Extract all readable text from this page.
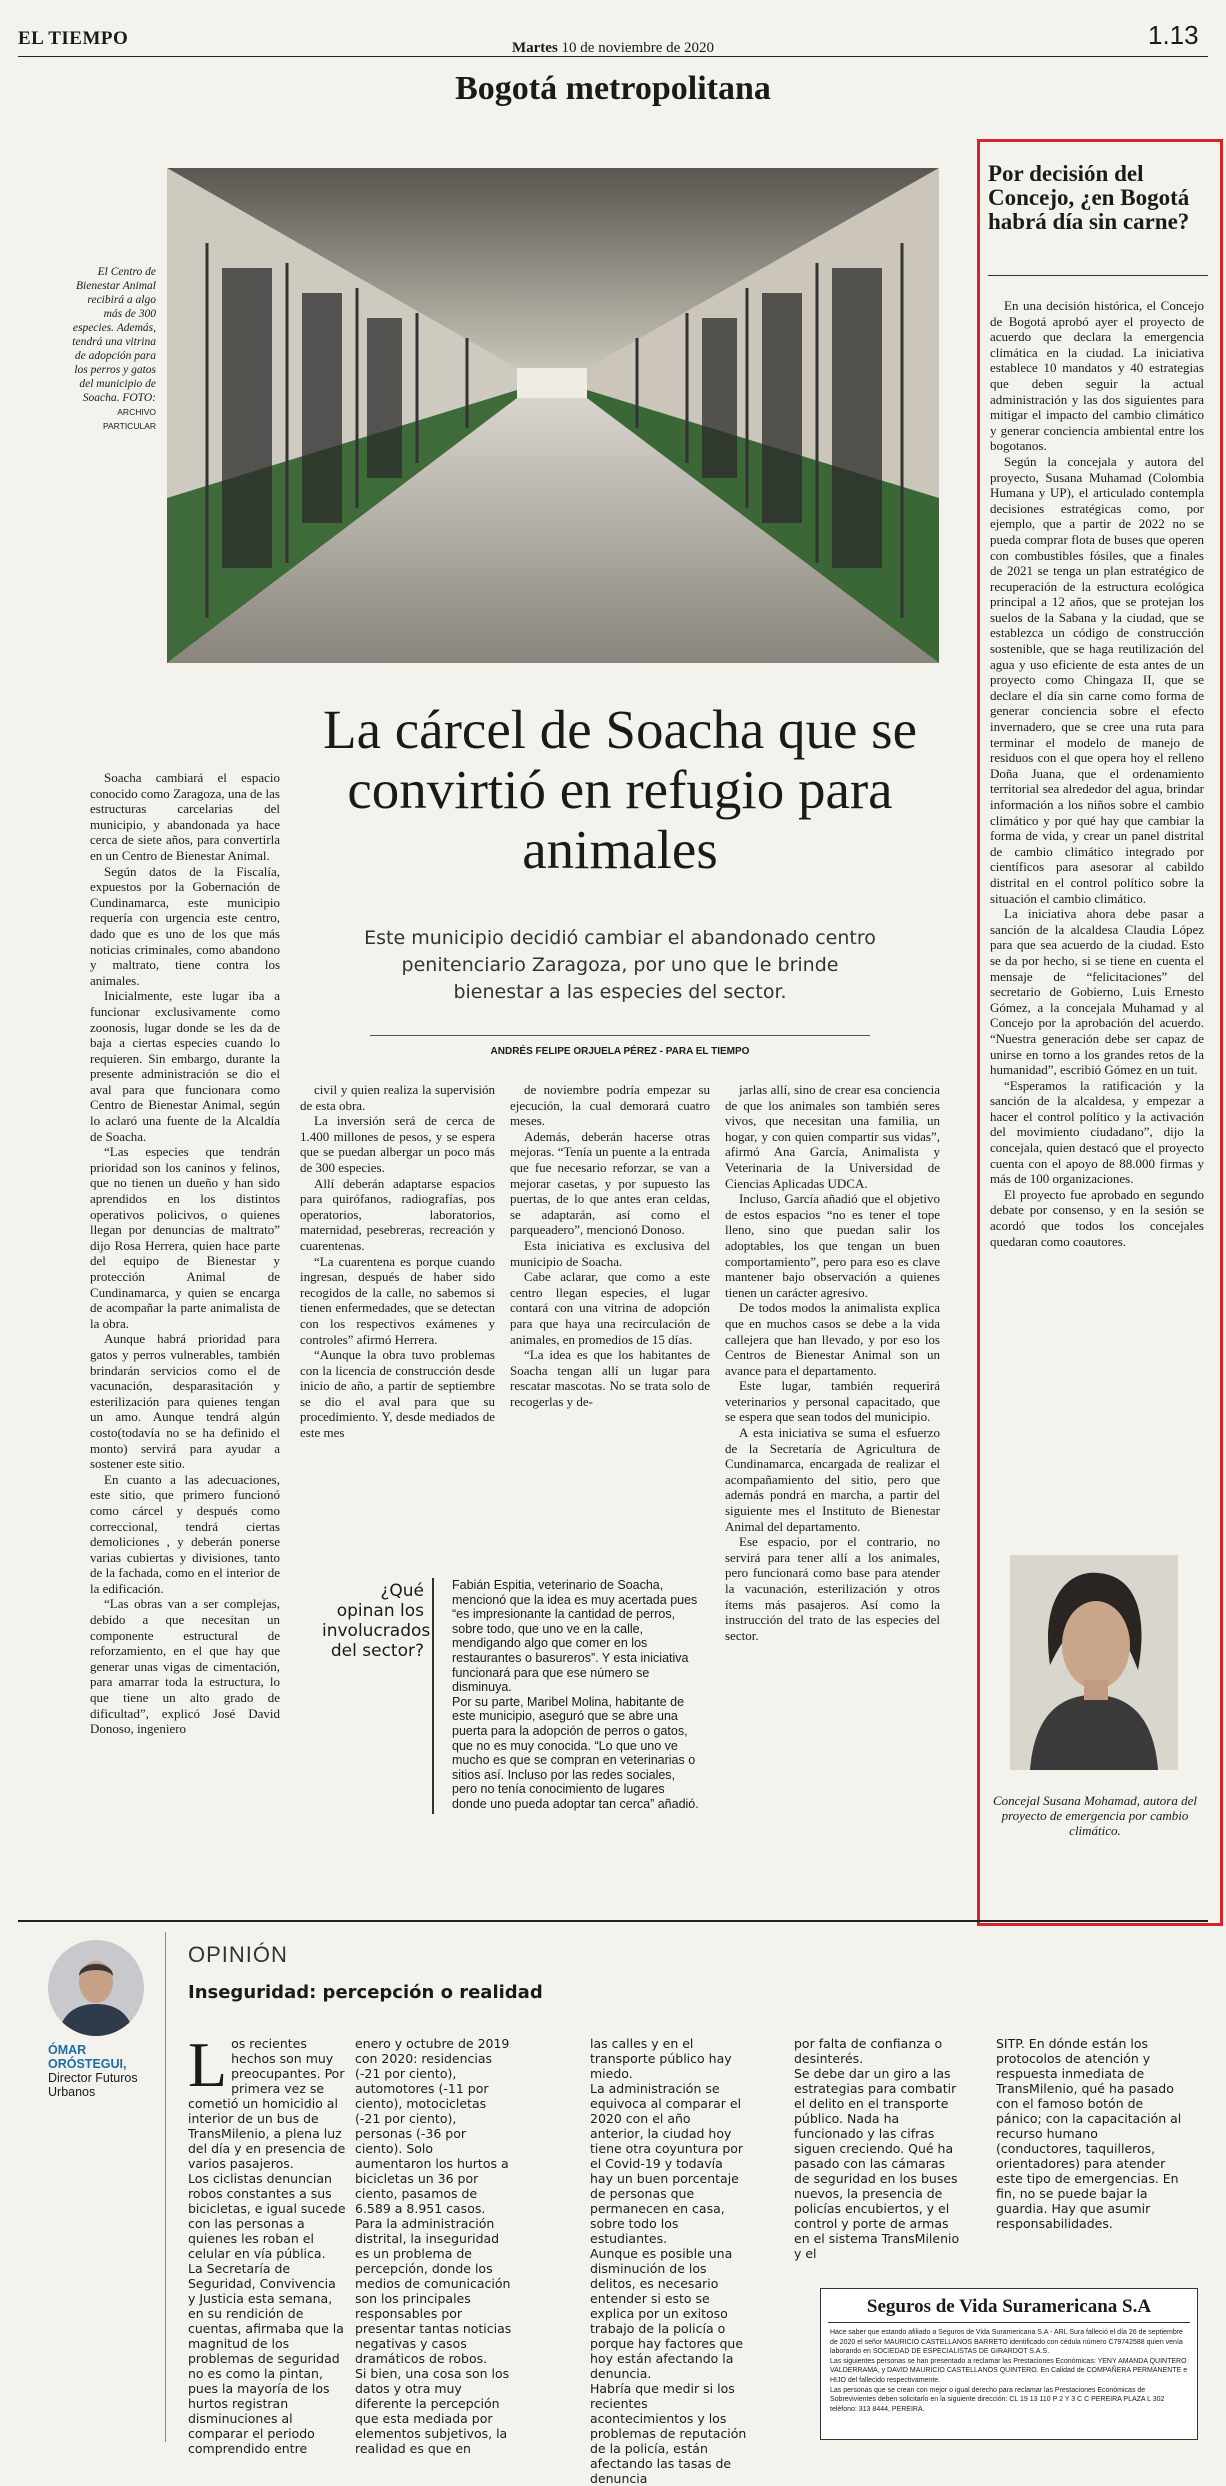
EL TIEMPO	Martes 10 de noviembre de 2020	1.13
Bogotá metropolitana
El Centro de Bienestar Animal recibirá a algo más de 300 especies. Además, tendrá una vitrina de adopción para los perros y gatos del municipio de Soacha. FOTO:
ARCHIVO PARTICULAR
La cárcel de Soacha que se convirtió en refugio para animales
Este municipio decidió cambiar el abandonado centro penitenciario Zaragoza, por uno que le brinde bienestar a las especies del sector.
ANDRÉS FELIPE ORJUELA PÉREZ - PARA EL TIEMPO

Soacha cambiará el espacio conocido como Zaragoza, una de las estructuras carcelarias del municipio, y abandonada ya hace cerca de siete años, para convertirla en un Centro de Bienestar Animal.

Según datos de la Fiscalía, expuestos por la Gobernación de Cundinamarca, este municipio requería con urgencia este centro, dado que es uno de los que más noticias criminales, como abandono y maltrato, tiene contra los animales.

Inicialmente, este lugar iba a funcionar exclusivamente como zoonosis, lugar donde se les da de baja a ciertas especies cuando lo requieren. Sin embargo, durante la presente administración se dio el aval para que funcionara como Centro de Bienestar Animal, según lo aclaró una fuente de la Alcaldía de Soacha.

“Las especies que tendrán prioridad son los caninos y felinos, que no tienen un dueño y han sido aprendidos en los distintos operativos policivos, o quienes llegan por denuncias de maltrato” dijo Rosa Herrera, quien hace parte del equipo de Bienestar y protección Animal de Cundinamarca, y quien se encarga de acompañar la parte animalista de la obra.

Aunque habrá prioridad para gatos y perros vulnerables, también brindarán servicios como el de vacunación, desparasitación y esterilización para quienes tengan un amo. Aunque tendrá algún costo(todavía no se ha definido el monto) servirá para ayudar a sostener este sitio.

En cuanto a las adecuaciones, este sitio, que primero funcionó como cárcel y después como correccional, tendrá ciertas demoliciones , y deberán ponerse varias cubiertas y divisiones, tanto de la fachada, como en el interior de la edificación.

“Las obras van a ser complejas, debido a que necesitan un componente estructural de reforzamiento, en el que hay que generar unas vigas de cimentación, para amarrar toda la estructura, lo que tiene un alto grado de dificultad”, explicó José David Donoso, ingeniero

civil y quien realiza la supervisión de esta obra.

La inversión será de cerca de 1.400 millones de pesos, y se espera que se puedan albergar un poco más de 300 especies.

Allí deberán adaptarse espacios para quirófanos, radiografías, pos operatorios, laboratorios, maternidad, pesebreras, recreación y cuarentenas.

“La cuarentena es porque cuando ingresan, después de haber sido recogidos de la calle, no sabemos si tienen enfermedades, que se detectan con los respectivos exámenes y controles” afirmó Herrera.

“Aunque la obra tuvo problemas con la licencia de construcción desde inicio de año, a partir de septiembre se dio el aval para que su procedimiento. Y, desde mediados de este mes

de noviembre podría empezar su ejecución, la cual demorará cuatro meses.

Además, deberán hacerse otras mejoras. “Tenía un puente a la entrada que fue necesario reforzar, se van a mejorar casetas, y por supuesto las puertas, de lo que antes eran celdas, se adaptarán, así como el parqueadero”, mencionó Donoso.

Esta iniciativa es exclusiva del municipio de Soacha.

Cabe aclarar, que como a este centro llegan especies, el lugar contará con una vitrina de adopción para que haya una recirculación de animales, en promedios de 15 días.

“La idea es que los habitantes de Soacha tengan allí un lugar para rescatar mascotas. No se trata solo de recogerlas y de-

jarlas allí, sino de crear esa conciencia de que los animales son también seres vivos, que necesitan una familia, un hogar, y con quien compartir sus vidas”, afirmó Ana García, Animalista y Veterinaria de la Universidad de Ciencias Aplicadas UDCA.

Incluso, García añadió que el objetivo de estos espacios “no es tener el tope lleno, sino que puedan salir los adoptables, los que tengan un buen comportamiento”, pero para eso es clave mantener bajo observación a quienes tienen un carácter agresivo.

De todos modos la animalista explica que en muchos casos se debe a la vida callejera que han llevado, y por eso los Centros de Bienestar Animal son un avance para el departamento.

Este lugar, también requerirá veterinarios y personal capacitado, que se espera que sean todos del municipio.

A esta iniciativa se suma el esfuerzo de la Secretaría de Agricultura de Cundinamarca, encargada de realizar el acompañamiento del sitio, pero que además pondrá en marcha, a partir del siguiente mes el Instituto de Bienestar Animal del departamento.

Ese espacio, por el contrario, no servirá para tener allí a los animales, pero funcionará como base para atender la vacunación, esterilización y otros ítems más pasajeros. Así como la instrucción del trato de las especies del sector.

¿Qué opinan los involucrados del sector?

Fabián Espitia, veterinario de Soacha, mencionó que la idea es muy acertada pues “es impresionante la cantidad de perros, sobre todo, que uno ve en la calle, mendigando algo que comer en los restaurantes o basureros”. Y esta iniciativa funcionará para que ese número se disminuya.

Por su parte, Maribel Molina, habitante de este municipio, aseguró que se abre una puerta para la adopción de perros o gatos, que no es muy conocida. “Lo que uno ve mucho es que se compran en veterinarias o sitios así. Incluso por las redes sociales, pero no tenía conocimiento de lugares donde uno pueda adoptar tan cerca” añadió.

Por decisión del Concejo, ¿en Bogotá habrá día sin carne?

En una decisión histórica, el Concejo de Bogotá aprobó ayer el proyecto de acuerdo que declara la emergencia climática en la ciudad. La iniciativa establece 10 mandatos y 40 estrategias que deben seguir la actual administración y las dos siguientes para mitigar el impacto del cambio climático y generar conciencia ambiental entre los bogotanos.

Según la concejala y autora del proyecto, Susana Muhamad (Colombia Humana y UP), el articulado contempla decisiones estratégicas como, por ejemplo, que a partir de 2022 no se pueda comprar flota de buses que operen con combustibles fósiles, que a finales de 2021 se tenga un plan estratégico de recuperación de la estructura ecológica principal a 12 años, que se protejan los suelos de la Sabana y la ciudad, que se establezca un código de construcción sostenible, que se haga reutilización del agua y uso eficiente de esta antes de un proyecto como Chingaza II, que se declare el día sin carne como forma de generar conciencia sobre el efecto invernadero, que se cree una ruta para terminar el modelo de manejo de residuos con el que opera hoy el relleno Doña Juana, que el ordenamiento territorial sea alrededor del agua, brindar información a los niños sobre el cambio climático y por qué hay que cambiar la forma de vida, y crear un panel distrital de cambio climático integrado por científicos para asesorar al cabildo distrital en el control político sobre la situación el cambio climático.

La iniciativa ahora debe pasar a sanción de la alcaldesa Claudia López para que sea acuerdo de la ciudad. Esto se da por hecho, si se tiene en cuenta el mensaje de “felicitaciones” del secretario de Gobierno, Luis Ernesto Gómez, a la concejala Muhamad y al Concejo por la aprobación del acuerdo. “Nuestra generación debe ser capaz de unirse en torno a los grandes retos de la humanidad”, escribió Gómez en un tuit.

“Esperamos la ratificación y la sanción de la alcaldesa, y empezar a hacer el control político y la activación del movimiento ciudadano”, dijo la concejala, quien destacó que el proyecto cuenta con el apoyo de 88.000 firmas y más de 100 organizaciones.

El proyecto fue aprobado en segundo debate por consenso, y en la sesión se acordó que todos los concejales quedaran como coautores.

Concejal Susana Mohamad, autora del proyecto de emergencia por cambio climático.
ÓMAR ORÓSTEGUI,
Director Futuros Urbanos
OPINIÓN
Inseguridad: percepción o realidad
L os recientes hechos son muy preocupantes. Por primera vez se cometió un homicidio al interior de un bus de TransMilenio, a plena luz del día y en presencia de varios pasajeros.

Los ciclistas denuncian robos constantes a sus bicicletas, e igual sucede con las personas a quienes les roban el celular en vía pública.

La Secretaría de Seguridad, Convivencia y Justicia esta semana, en su rendición de cuentas, afirmaba que la magnitud de los problemas de seguridad no es como la pintan, pues la mayoría de los hurtos registran disminuciones al comparar el periodo comprendido entre

enero y octubre de 2019 con 2020: residencias (-21 por ciento), automotores (-11 por ciento), motocicletas (-21 por ciento), personas (-36 por ciento). Solo aumentaron los hurtos a bicicletas un 36 por ciento, pasamos de 6.589 a 8.951 casos.

Para la administración distrital, la inseguridad es un problema de percepción, donde los medios de comunicación son los principales responsables por presentar tantas noticias negativas y casos dramáticos de robos.

Si bien, una cosa son los datos y otra muy diferente la percepción que esta mediada por elementos subjetivos, la realidad es que en

las calles y en el transporte público hay miedo.

La administración se equivoca al comparar el 2020 con el año anterior, la ciudad hoy tiene otra coyuntura por el Covid-19 y todavía hay un buen porcentaje de personas que permanecen en casa, sobre todo los estudiantes.

Aunque es posible una disminución de los delitos, es necesario entender si esto se explica por un exitoso trabajo de la policía o porque hay factores que hoy están afectando la denuncia.

Habría que medir si los recientes acontecimientos y los problemas de reputación de la policía, están afectando las tasas de denuncia

por falta de confianza o desinterés.

Se debe dar un giro a las estrategias para combatir el delito en el transporte público. Nada ha funcionado y las cifras siguen creciendo. Qué ha pasado con las cámaras de seguridad en los buses nuevos, la presencia de policías encubiertos, y el control y porte de armas en el sistema TransMilenio y el

SITP. En dónde están los protocolos de atención y respuesta inmediata de TransMilenio, qué ha pasado con el famoso botón de pánico; con la capacitación al recurso humano (conductores, taquilleros, orientadores) para atender este tipo de emergencias. En fin, no se puede bajar la guardia. Hay que asumir responsabilidades.

Seguros de Vida Suramericana S.A

Hace saber que estando afiliado a Seguros de Vida Suramericana S.A - ARL Sura falleció el día 26 de septiembre de 2020 el señor MAURICIO CASTELLANOS BARRETO identificado con cédula número C79742588 quien venía laborando en SOCIEDAD DE ESPECIALISTAS DE GIRARDOT S.A.S.

Las siguientes personas se han presentado a reclamar las Prestaciones Económicas: YENY AMANDA QUINTERO VALDERRAMA, y DAVID MAURICIO CASTELLANOS QUINTERO. En Calidad de COMPAÑERA PERMANENTE e HIJO del fallecido respectivamente.

Las personas que se crean con mejor o igual derecho para reclamar las Prestaciones Económicas de Sobrevivientes deben solicitarlo en la siguiente dirección: CL 19 13 110 P 2 Y 3 C C PEREIRA PLAZA L 302 teléfono: 313 8444, PEREIRA.
